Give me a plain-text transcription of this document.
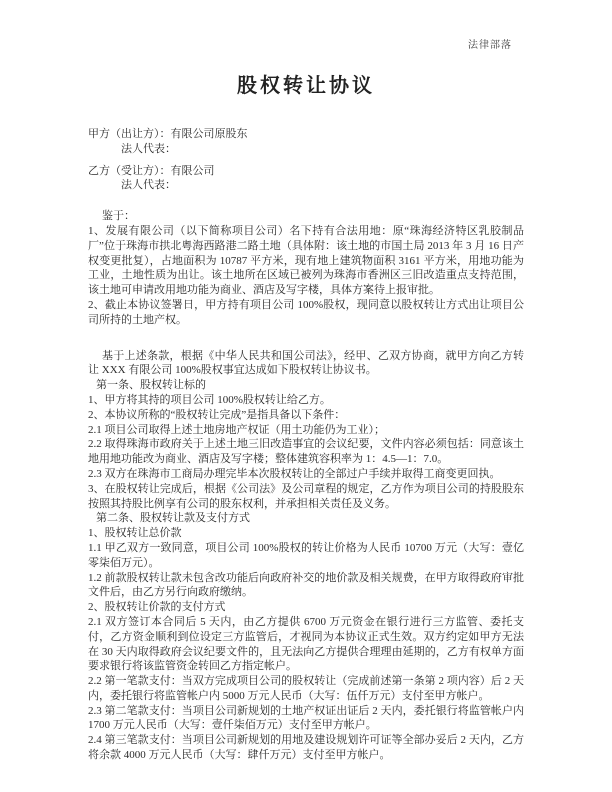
法律部落
股权转让协议

甲方（出让方）：有限公司原股东

法人代表：

乙方（受让方）：有限公司

法人代表：

鉴于：

1、发展有限公司（以下简称项目公司）名下持有合法用地：原“珠海经济特区乳胶制品厂”位于珠海市拱北粤海西路港二路土地（具体附：该土地的市国土局 2013 年 3 月 16 日产权变更批复），占地面积为 10787 平方米，现有地上建筑物面积 3161 平方米，用地功能为工业，土地性质为出让。该土地所在区域已被列为珠海市香洲区三旧改造重点支持范围，该土地可申请改用地功能为商业、酒店及写字楼，具体方案待上报审批。

2、截止本协议签署日，甲方持有项目公司 100%股权，现同意以股权转让方式出让项目公司所持的土地产权。

基于上述条款，根据《中华人民共和国公司法》，经甲、乙双方协商，就甲方向乙方转让 XXX 有限公司 100%股权事宜达成如下股权转让协议书。

第一条、股权转让标的

1、甲方将其持的项目公司 100%股权转让给乙方。

2、本协议所称的“股权转让完成”是指具备以下条件：

2.1 项目公司取得上述土地房地产权证（用土功能仍为工业）；

2.2 取得珠海市政府关于上述土地三旧改造事宜的会议纪要，文件内容必须包括：同意该土地用地功能改为商业、酒店及写字楼；整体建筑容积率为 1：4.5—1：7.0。

2.3 双方在珠海市工商局办理完毕本次股权转让的全部过户手续并取得工商变更回执。

3、在股权转让完成后，根据《公司法》及公司章程的规定，乙方作为项目公司的持股股东按照其持股比例享有公司的股东权利，并承担相关责任及义务。

第二条、股权转让款及支付方式

1、股权转让总价款

1.1 甲乙双方一致同意，项目公司 100%股权的转让价格为人民币 10700 万元（大写：壹亿零柒佰万元）。

1.2 前款股权转让款未包含改功能后向政府补交的地价款及相关规费，在甲方取得政府审批文件后，由乙方另行向政府缴纳。

2、股权转让价款的支付方式

2.1 双方签订本合同后 5 天内，由乙方提供 6700 万元资金在银行进行三方监管、委托支付，乙方资金顺利到位设定三方监管后，才视同为本协议正式生效。双方约定如甲方无法在 30 天内取得政府会议纪要文件的，且无法向乙方提供合理理由延期的，乙方有权单方面要求银行将该监管资金转回乙方指定帐户。

2.2 第一笔款支付：当双方完成项目公司的股权转让（完成前述第一条第 2 项内容）后 2 天内，委托银行将监管帐户内 5000 万元人民币（大写：伍仟万元）支付至甲方帐户。

2.3 第二笔款支付：当项目公司新规划的土地产权证出证后 2 天内，委托银行将监管帐户内 1700 万元人民币（大写：壹仟柒佰万元）支付至甲方帐户。

2.4 第三笔款支付：当项目公司新规划的用地及建设规划许可证等全部办妥后 2 天内，乙方将余款 4000 万元人民币（大写：肆仟万元）支付至甲方帐户。
